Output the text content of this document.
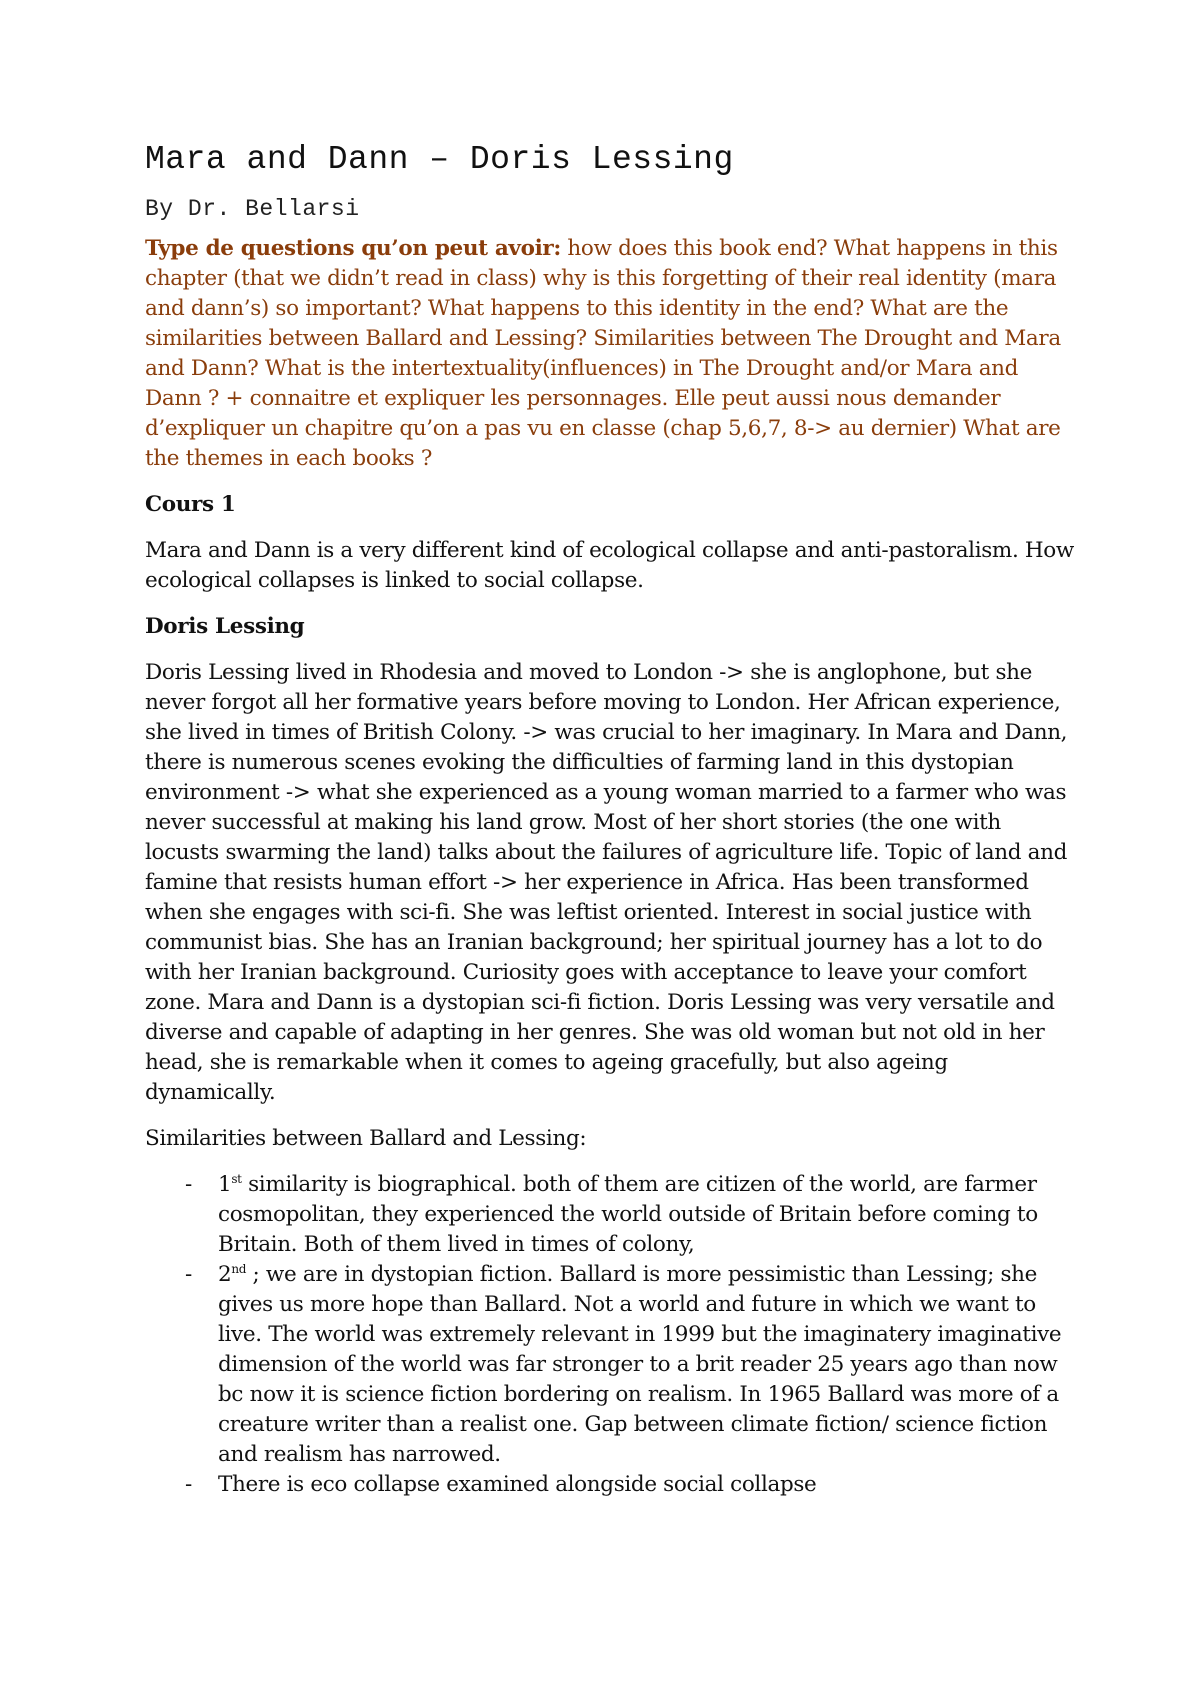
Mara and Dann – Doris Lessing
By Dr. Bellarsi

Type de questions qu’on peut avoir: how does this book end? What happens in this chapter (that we didn’t read in class) why is this forgetting of their real identity (mara and dann’s) so important? What happens to this identity in the end? What are the similarities between Ballard and Lessing? Similarities between The Drought and Mara and Dann? What is the intertextuality(influences) in The Drought and/or Mara and Dann ? + connaitre et expliquer les personnages. Elle peut aussi nous demander d’expliquer un chapitre qu’on a pas vu en classe (chap 5,6,7, 8-> au dernier) What are the themes in each books ?

Cours 1

Mara and Dann is a very different kind of ecological collapse and anti-pastoralism. How ecological collapses is linked to social collapse.

Doris Lessing

Doris Lessing lived in Rhodesia and moved to London -> she is anglophone, but she never forgot all her formative years before moving to London. Her African experience, she lived in times of British Colony. -> was crucial to her imaginary. In Mara and Dann, there is numerous scenes evoking the difficulties of farming land in this dystopian environment -> what she experienced as a young woman married to a farmer who was never successful at making his land grow. Most of her short stories (the one with locusts swarming the land) talks about the failures of agriculture life. Topic of land and famine that resists human effort -> her experience in Africa. Has been transformed when she engages with sci-fi. She was leftist oriented. Interest in social justice with communist bias. She has an Iranian background; her spiritual journey has a lot to do with her Iranian background. Curiosity goes with acceptance to leave your comfort zone. Mara and Dann is a dystopian sci-fi fiction. Doris Lessing was very versatile and diverse and capable of adapting in her genres. She was old woman but not old in her head, she is remarkable when it comes to ageing gracefully, but also ageing dynamically.

Similarities between Ballard and Lessing:

- 1st similarity is biographical. both of them are citizen of the world, are farmer cosmopolitan, they experienced the world outside of Britain before coming to Britain. Both of them lived in times of colony,
- 2nd ; we are in dystopian fiction. Ballard is more pessimistic than Lessing; she gives us more hope than Ballard. Not a world and future in which we want to live. The world was extremely relevant in 1999 but the imaginatery imaginative dimension of the world was far stronger to a brit reader 25 years ago than now bc now it is science fiction bordering on realism. In 1965 Ballard was more of a creature writer than a realist one. Gap between climate fiction/ science fiction and realism has narrowed.
- There is eco collapse examined alongside social collapse
